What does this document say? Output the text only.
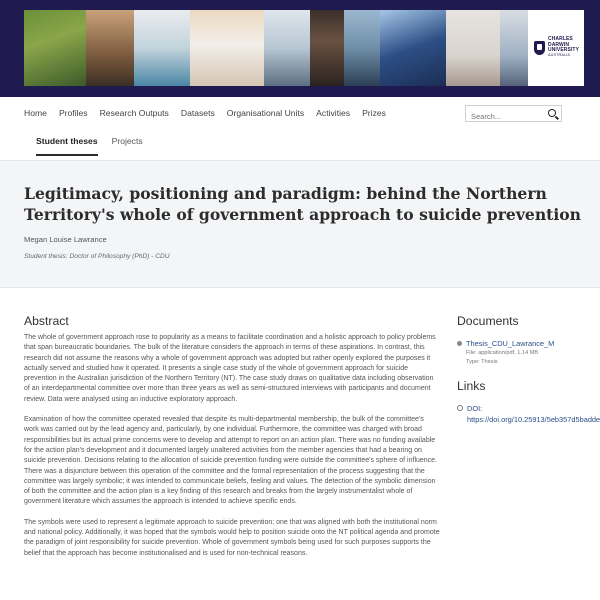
CHARLES
DARWIN
UNIVERSITY
AUSTRALIA
Home Profiles Research Outputs Datasets Organisational Units Activities Prizes
Search...
Student theses Projects
Legitimacy, positioning and paradigm: behind the Northern Territory's whole of government approach to suicide prevention
Megan Louise Lawrance
Student thesis: Doctor of Philosophy (PhD) - CDU
Abstract

The whole of government approach rose to popularity as a means to facilitate coordination and a holistic approach to policy problems that span bureaucratic boundaries. The bulk of the literature considers the approach in terms of these aspirations. In contrast, this research did not assume the reasons why a whole of government approach was adopted but rather openly explored the purposes it actually served and studied how it operated. It presents a single case study of the whole of government approach for suicide prevention in the Australian jurisdiction of the Northern Territory (NT). The case study draws on qualitative data including observation of an interdepartmental committee over more than three years as well as semi-structured interviews with participants and document review. Data were analysed using an inductive exploratory approach.

Examination of how the committee operated revealed that despite its multi-departmental membership, the bulk of the committee's work was carried out by the lead agency and, particularly, by one individual. Furthermore, the committee was charged with broad responsibilities but its actual prime concerns were to develop and attempt to report on an action plan. There was no funding available for the action plan's development and it documented largely unaltered activities from the member agencies that had a bearing on suicide prevention. Decisions relating to the allocation of suicide prevention funding were outside the committee's sphere of influence. There was a disjuncture between this operation of the committee and the formal representation of the process suggesting that the committee was largely symbolic; it was intended to communicate beliefs, feeling and values. The detection of the symbolic dimension of both the committee and the action plan is a key finding of this research and breaks from the largely instrumentalist whole of government literature which assumes the approach is intended to achieve specific ends.

The symbols were used to represent a legitimate approach to suicide prevention; one that was aligned with both the institutional norm and national policy. Additionally, it was hoped that the symbols would help to position suicide onto the NT political agenda and promote the paradigm of joint responsibility for suicide prevention. Whole of government symbols being used for such purposes supports the belief that the approach has become institutionalised and is used for non-technical reasons.

Documents
Thesis_CDU_Lawrance_M
File: application/pdf, 1.14 MB
Type: Thesis
Links
DOI:
https://doi.org/10.25913/5eb357d5badde
